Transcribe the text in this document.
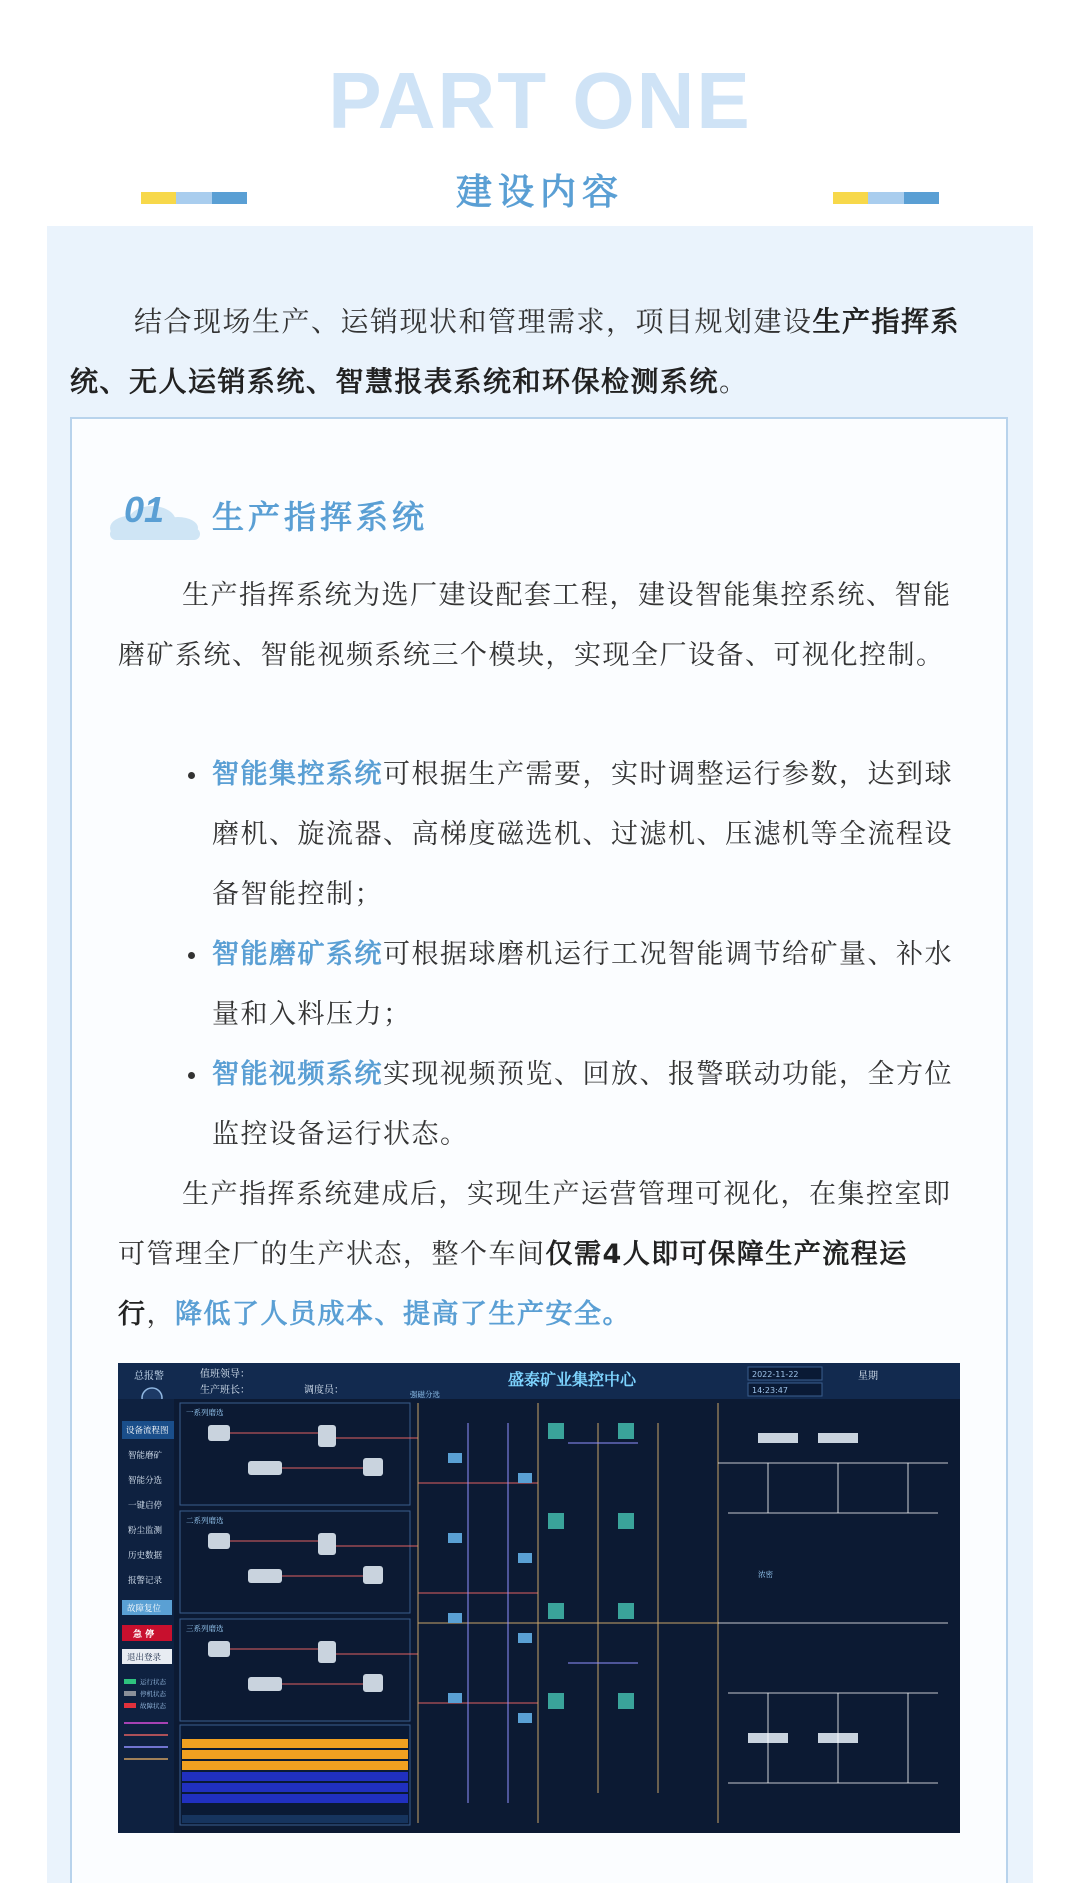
PART ONE
建设内容

结合现场生产、运销现状和管理需求，项目规划建设生产指挥系统、无人运销系统、智慧报表系统和环保检测系统。

01 生产指挥系统

生产指挥系统为选厂建设配套工程，建设智能集控系统、智能磨矿系统、智能视频系统三个模块，实现全厂设备、可视化控制。

智能集控系统可根据生产需要，实时调整运行参数，达到球磨机、旋流器、高梯度磁选机、过滤机、压滤机等全流程设备智能控制；
智能磨矿系统可根据球磨机运行工况智能调节给矿量、补水量和入料压力；
智能视频系统实现视频预览、回放、报警联动功能，全方位监控设备运行状态。

生产指挥系统建成后，实现生产运营管理可视化，在集控室即可管理全厂的生产状态，整个车间仅需4人即可保障生产流程运行，降低了人员成本、提高了生产安全。

总报警	值班领导：
生产班长：	调度员：
盛泰矿业集控中心	2022-11-22
14:23:47
星期
设备流程图
智能磨矿
智能分选
一键启停
粉尘监测
历史数据
报警记录
故障复位
急 停
退出登录
运行状态
停机状态
故障状态
一系列磨选
二系列磨选
三系列磨选
强磁分选
浓密
